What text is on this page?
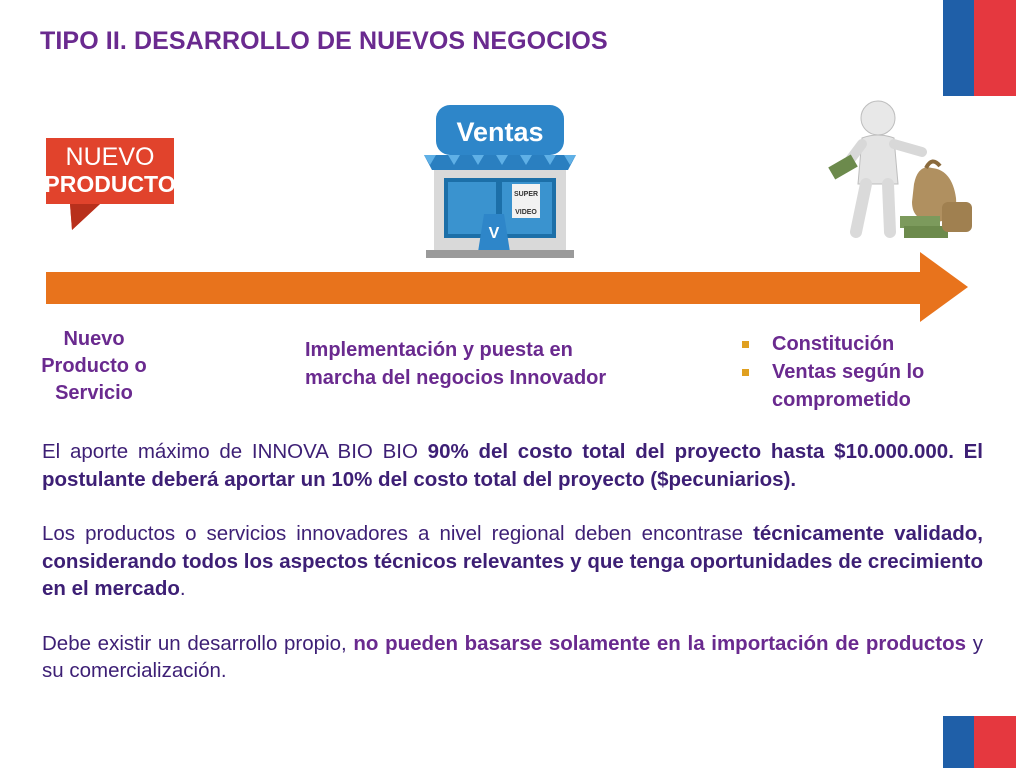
TIPO II. DESARROLLO DE NUEVOS NEGOCIOS
NUEVO
PRODUCTO
Ventas
SUPER
VIDEO
V
Nuevo
Producto o
Servicio
Implementación y puesta en
marcha del negocios Innovador
Constitución
Ventas según lo comprometido

El aporte máximo de INNOVA BIO BIO 90% del costo total del proyecto hasta $10.000.000. El postulante deberá aportar un 10% del costo total del proyecto ($pecuniarios).

Los productos o servicios innovadores a nivel regional deben encontrase técnicamente validado, considerando todos los aspectos técnicos relevantes y que tenga oportunidades de crecimiento en el mercado.

Debe existir un desarrollo propio, no pueden basarse solamente en la importación de productos y su comercialización.
